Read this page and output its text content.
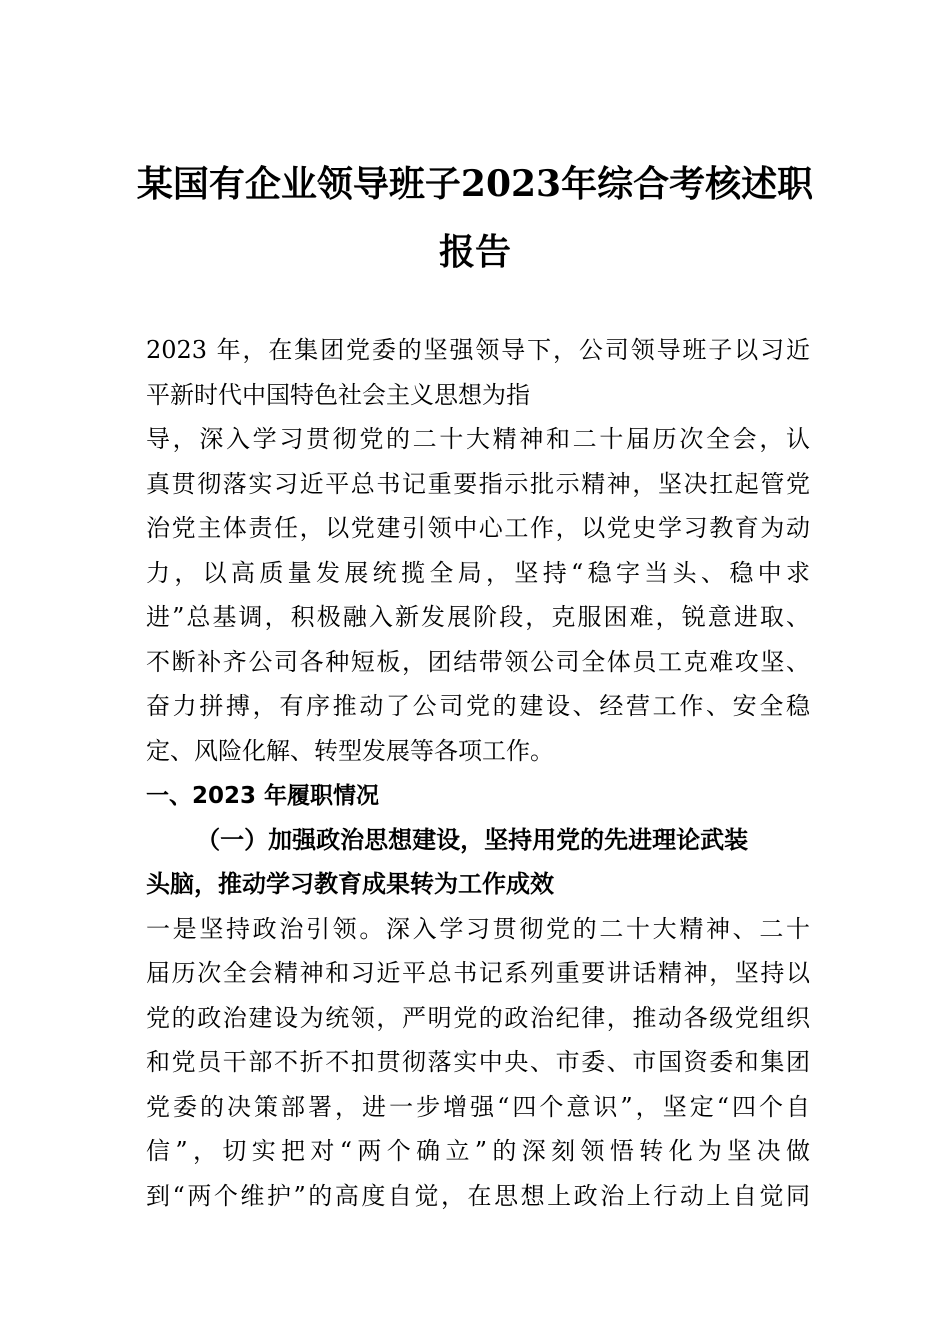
某国有企业领导班子2023年综合考核述职
报告

2023 年，在集团党委的坚强领导下，公司领导班子以习近

平新时代中国特色社会主义思想为指

导，深入学习贯彻党的二十大精神和二十届历次全会，认

真贯彻落实习近平总书记重要指示批示精神，坚决扛起管党

治党主体责任，以党建引领中心工作，以党史学习教育为动

力，以高质量发展统揽全局，坚持“稳字当头、稳中求

进”总基调，积极融入新发展阶段，克服困难，锐意进取、

不断补齐公司各种短板，团结带领公司全体员工克难攻坚、

奋力拼搏，有序推动了公司党的建设、经营工作、安全稳

定、风险化解、转型发展等各项工作。

一、2023 年履职情况

（一）加强政治思想建设，坚持用党的先进理论武装

头脑，推动学习教育成果转为工作成效

一是坚持政治引领。深入学习贯彻党的二十大精神、二十

届历次全会精神和习近平总书记系列重要讲话精神，坚持以

党的政治建设为统领，严明党的政治纪律，推动各级党组织

和党员干部不折不扣贯彻落实中央、市委、市国资委和集团

党委的决策部署，进一步增强“四个意识”，坚定“四个自

信”，切实把对“两个确立”的深刻领悟转化为坚决做

到“两个维护”的高度自觉，在思想上政治上行动上自觉同
